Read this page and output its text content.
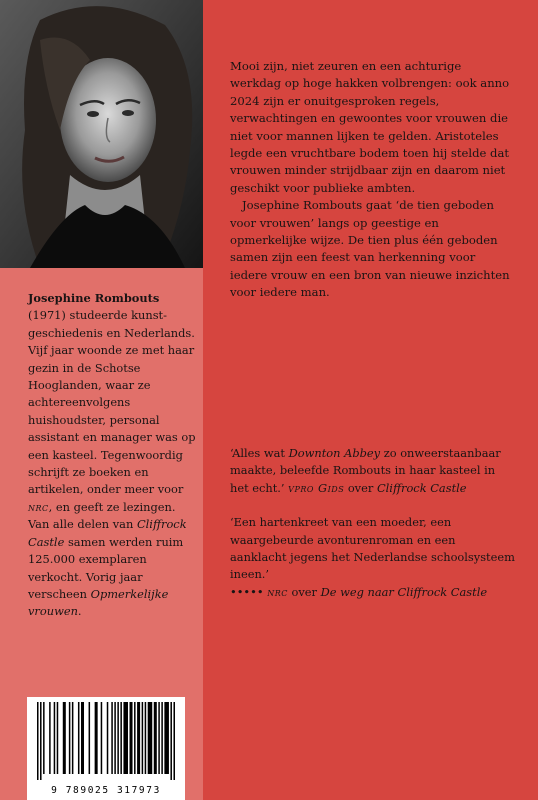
Josephine Rombouts
(1971) studeerde kunstgeschiedenis en Nederlands. Vijf jaar woonde ze met haar gezin in de Schotse Hooglanden, waar ze achtereenvolgens huishoudster, personal assistant en manager was op een kasteel. Tegenwoordig schrijft ze boeken en artikelen, onder meer voor nrc, en geeft ze lezingen. Van alle delen van Cliffrock Castle samen werden ruim 125.000 exemplaren verkocht. Vorig jaar verscheen Opmerkelijke vrouwen.

9 789025 317973

Mooi zijn, niet zeuren en een achturige werkdag op hoge hakken volbrengen: ook anno 2024 zijn er onuitgesproken regels, verwachtingen en gewoontes voor vrouwen die niet voor mannen lijken te gelden. Aristoteles legde een vruchtbare bodem toen hij stelde dat vrouwen minder strijdbaar zijn en daarom niet geschikt voor publieke ambten.

Josephine Rombouts gaat ‘de tien geboden voor vrouwen’ langs op geestige en opmerkelijke wijze. De tien plus één geboden samen zijn een feest van herkenning voor iedere vrouw en een bron van nieuwe inzichten voor iedere man.

‘Alles wat Downton Abbey zo onweerstaanbaar maakte, beleefde Rombouts in haar kasteel in het echt.’ vpro Gids over Cliffrock Castle

‘Een hartenkreet van een moeder, een waargebeurde avonturenroman en een aanklacht jegens het Nederlandse schoolsysteem ineen.’
••••• nrc over De weg naar Cliffrock Castle
